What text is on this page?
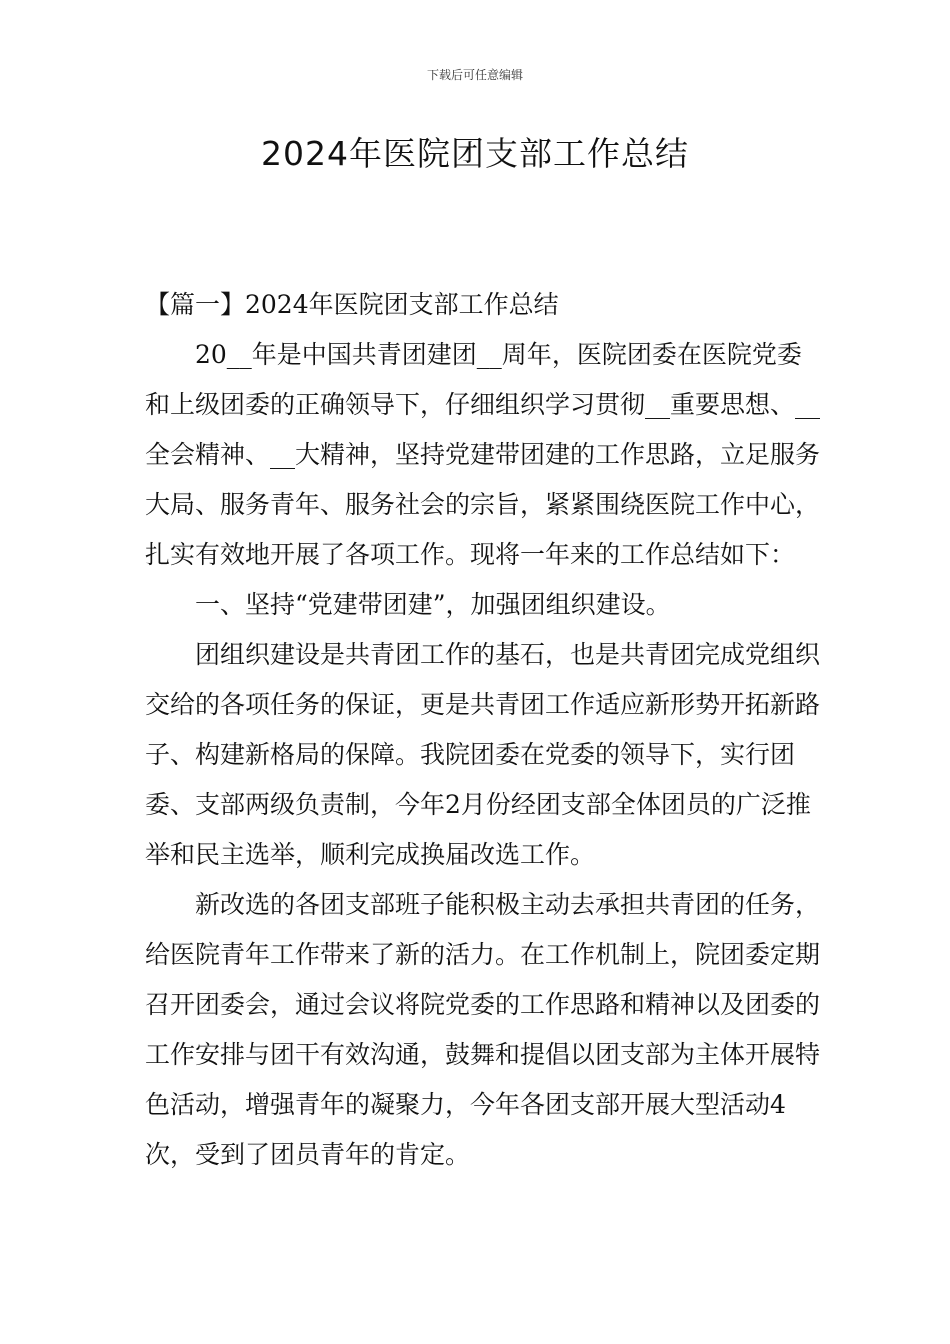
下载后可任意编辑
2024年医院团支部工作总结

【篇一】2024年医院团支部工作总结

20__年是中国共青团建团__周年，医院团委在医院党委和上级团委的正确领导下，仔细组织学习贯彻__重要思想、__全会精神、__大精神，坚持党建带团建的工作思路，立足服务大局、服务青年、服务社会的宗旨，紧紧围绕医院工作中心，扎实有效地开展了各项工作。现将一年来的工作总结如下：

一、坚持“党建带团建”，加强团组织建设。

团组织建设是共青团工作的基石，也是共青团完成党组织交给的各项任务的保证，更是共青团工作适应新形势开拓新路子、构建新格局的保障。我院团委在党委的领导下，实行团委、支部两级负责制，今年2月份经团支部全体团员的广泛推举和民主选举，顺利完成换届改选工作。

新改选的各团支部班子能积极主动去承担共青团的任务，给医院青年工作带来了新的活力。在工作机制上，院团委定期召开团委会，通过会议将院党委的工作思路和精神以及团委的工作安排与团干有效沟通，鼓舞和提倡以团支部为主体开展特色活动，增强青年的凝聚力，今年各团支部开展大型活动4次，受到了团员青年的肯定。
